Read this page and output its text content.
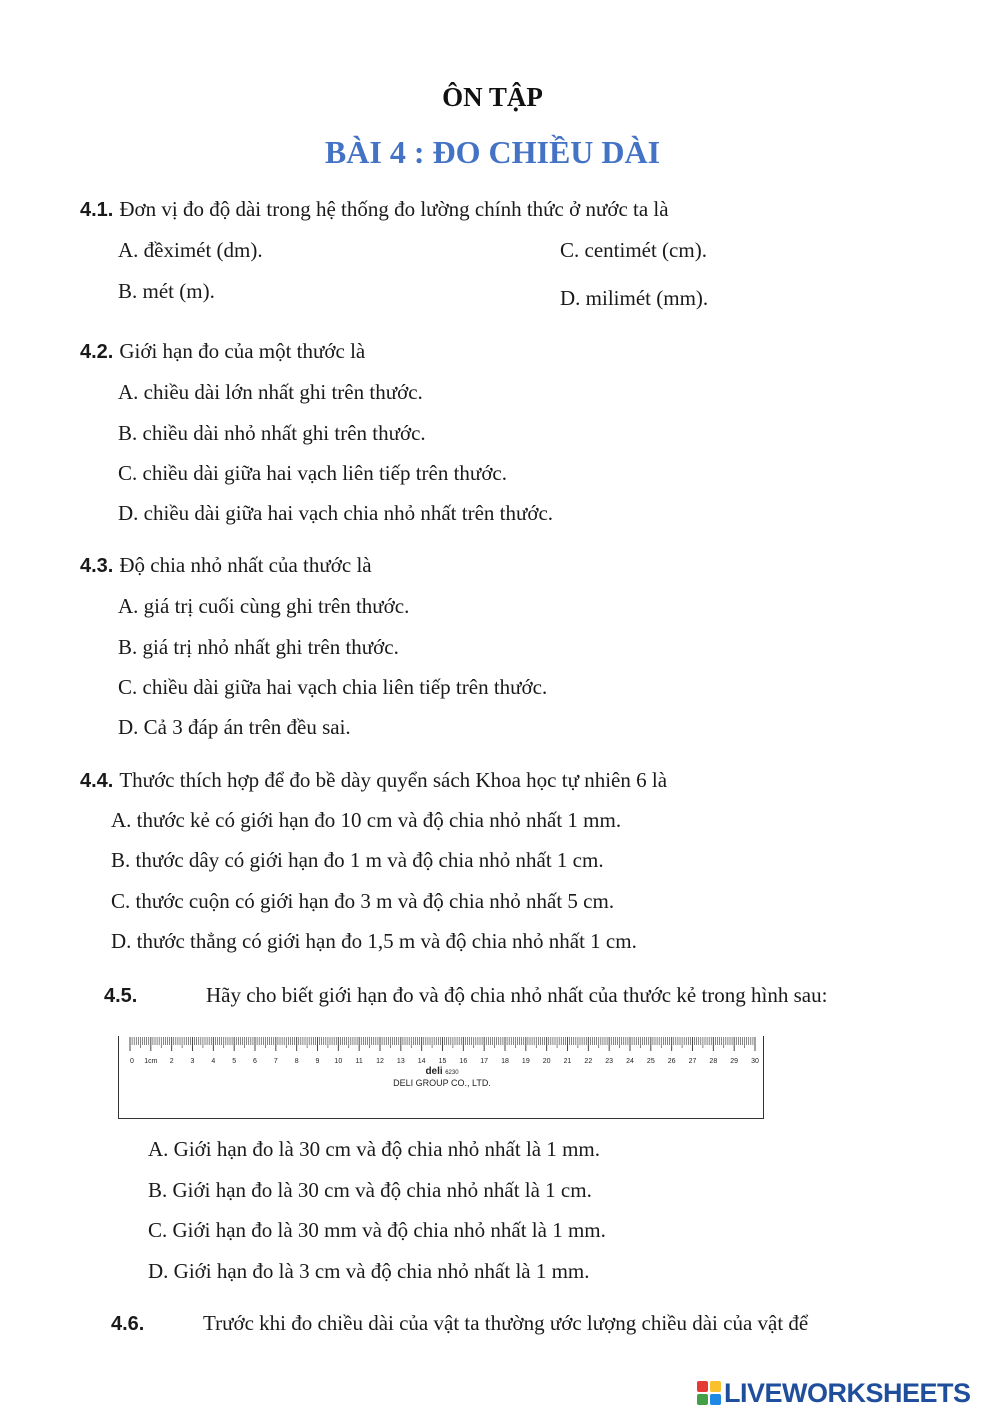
ÔN TẬP
BÀI 4 : ĐO CHIỀU DÀI
4.1. Đơn vị đo độ dài trong hệ thống đo lường chính thức ở nước ta là
A. đềximét (dm).
B. mét (m).
C. centimét (cm).
D. milimét (mm).
4.2. Giới hạn đo của một thước là
A. chiều dài lớn nhất ghi trên thước.
B. chiều dài nhỏ nhất ghi trên thước.
C. chiều dài giữa hai vạch liên tiếp trên thước.
D. chiều dài giữa hai vạch chia nhỏ nhất trên thước.
4.3. Độ chia nhỏ nhất của thước là
A. giá trị cuối cùng ghi trên thước.
B. giá trị nhỏ nhất ghi trên thước.
C. chiều dài giữa hai vạch chia liên tiếp trên thước.
D. Cả 3 đáp án trên đều sai.
4.4. Thước thích hợp để đo bề dày quyển sách Khoa học tự nhiên 6 là
A. thước kẻ có giới hạn đo 10 cm và độ chia nhỏ nhất 1 mm.
B. thước dây có giới hạn đo 1 m và độ chia nhỏ nhất 1 cm.
C. thước cuộn có giới hạn đo 3 m và độ chia nhỏ nhất 5 cm.
D. thước thẳng có giới hạn đo 1,5 m và độ chia nhỏ nhất 1 cm.
4.5.	Hãy cho biết giới hạn đo và độ chia nhỏ nhất của thước kẻ trong hình sau:
0 1cm 2 3 4 5 6 7 8 9 10 11 12 13 14 15 16 17 18 19 20 21 22 23 24 25 26 27 28 29 30
deli 6230
DELI GROUP CO., LTD.
A. Giới hạn đo là 30 cm và độ chia nhỏ nhất là 1 mm.
B. Giới hạn đo là 30 cm và độ chia nhỏ nhất là 1 cm.
C. Giới hạn đo là 30 mm và độ chia nhỏ nhất là 1 mm.
D. Giới hạn đo là 3 cm và độ chia nhỏ nhất là 1 mm.
4.6.	Trước khi đo chiều dài của vật ta thường ước lượng chiều dài của vật để
LIVEWORKSHEETS
